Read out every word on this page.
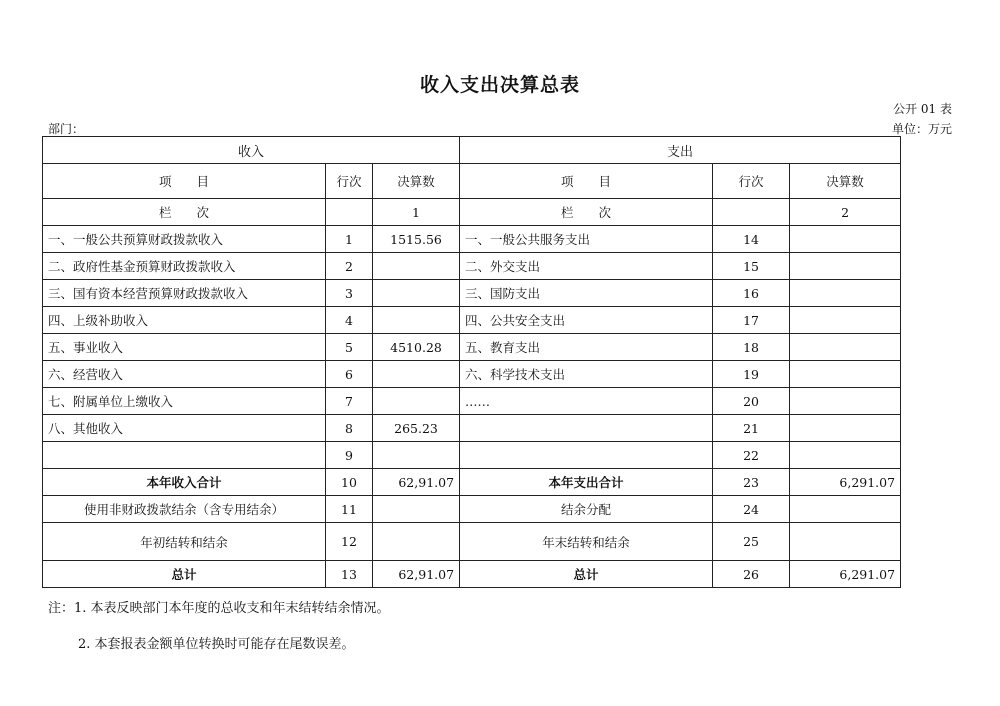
收入支出决算总表
公开 01 表
部门：	单位：万元
收入			支出		
项　　目	行次	决算数	项　　目	行次	决算数
栏　　次		1	栏　　次		2
一、一般公共预算财政拨款收入	1	1515.56	一、一般公共服务支出	14	
二、政府性基金预算财政拨款收入	2		二、外交支出	15	
三、国有资本经营预算财政拨款收入	3		三、国防支出	16	
四、上级补助收入	4		四、公共安全支出	17	
五、事业收入	5	4510.28	五、教育支出	18	
六、经营收入	6		六、科学技术支出	19	
七、附属单位上缴收入	7		……	20	
八、其他收入	8	265.23		21	
	9			22	
本年收入合计	10	62,91.07	本年支出合计	23	6,291.07
使用非财政拨款结余（含专用结余）	11		结余分配	24	
年初结转和结余	12		年末结转和结余	25	
总计	13	62,91.07	总计	26	6,291.07
注：1. 本表反映部门本年度的总收支和年末结转结余情况。
2. 本套报表金额单位转换时可能存在尾数误差。
